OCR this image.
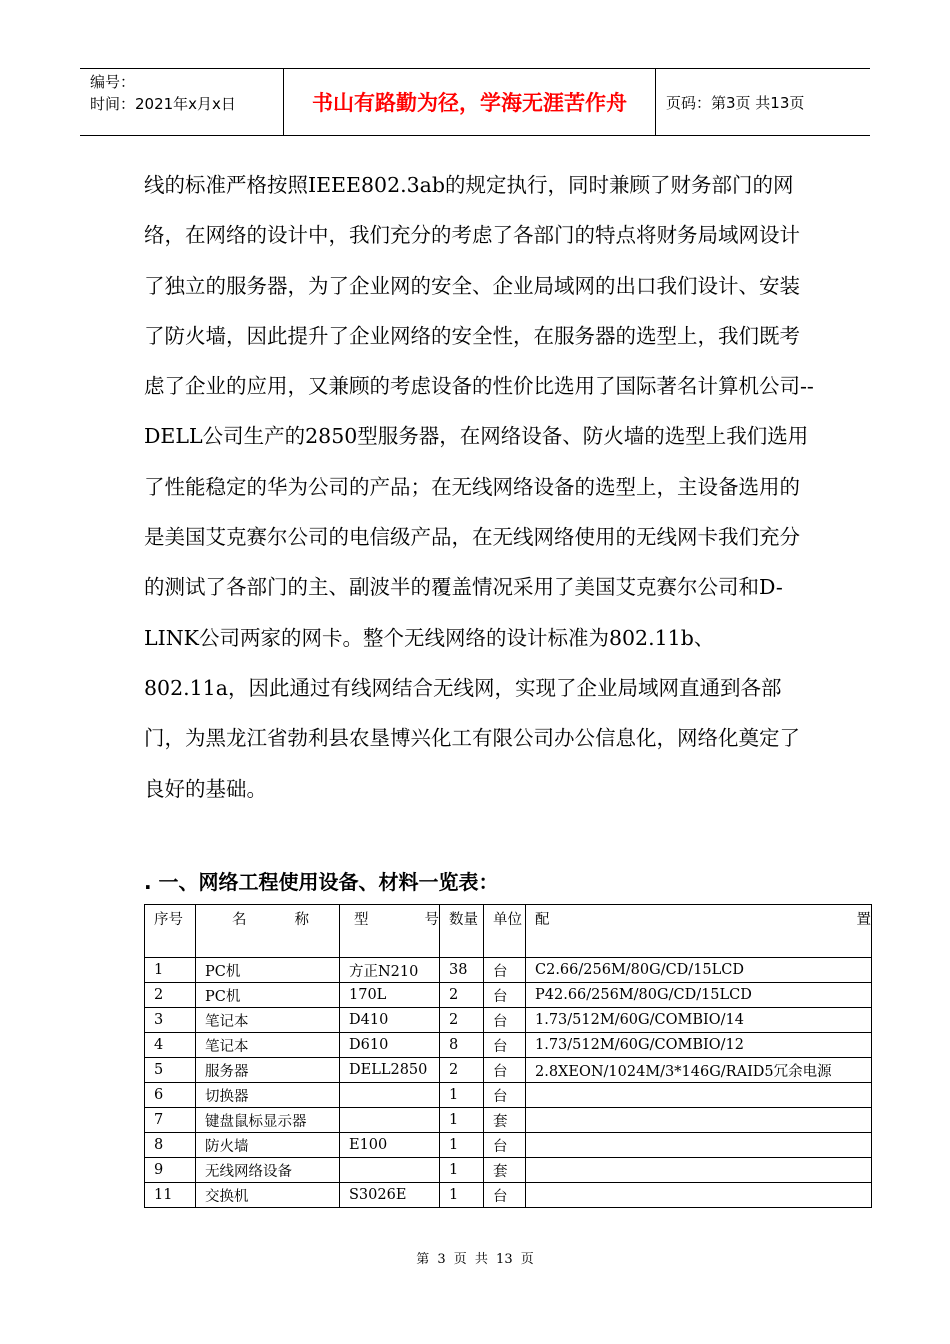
编号：
时间：2021年x月x日	书山有路勤为径，学海无涯苦作舟	页码：第3页 共13页

线的标准严格按照IEEE802.3ab的规定执行，同时兼顾了财务部门的网络，在网络的设计中，我们充分的考虑了各部门的特点将财务局域网设计了独立的服务器，为了企业网的安全、企业局域网的出口我们设计、安装了防火墙，因此提升了企业网络的安全性，在服务器的选型上，我们既考虑了企业的应用，又兼顾的考虑设备的性价比选用了国际著名计算机公司--DELL公司生产的2850型服务器，在网络设备、防火墙的选型上我们选用了性能稳定的华为公司的产品；在无线网络设备的选型上，主设备选用的是美国艾克赛尔公司的电信级产品，在无线网络使用的无线网卡我们充分的测试了各部门的主、副波半的覆盖情况采用了美国艾克赛尔公司和D-LINK公司两家的网卡。整个无线网络的设计标准为802.11b、802.11a，因此通过有线网结合无线网，实现了企业局域网直通到各部门，为黑龙江省勃利县农垦博兴化工有限公司办公信息化，网络化奠定了良好的基础。

. 一、网络工程使用设备、材料一览表：
序号	名称	型号	数量	单位	配置
1	PC机	方正N210	38	台	C2.66/256M/80G/CD/15LCD
2	PC机	170L	2	台	P42.66/256M/80G/CD/15LCD
3	笔记本	D410	2	台	1.73/512M/60G/COMBIO/14
4	笔记本	D610	8	台	1.73/512M/60G/COMBIO/12
5	服务器	DELL2850	2	台	2.8XEON/1024M/3*146G/RAID5冗余电源
6	切换器		1	台	
7	键盘鼠标显示器		1	套	
8	防火墙	E100	1	台	
9	无线网络设备		1	套	
11	交换机	S3026E	1	台	
第 3 页 共 13 页
